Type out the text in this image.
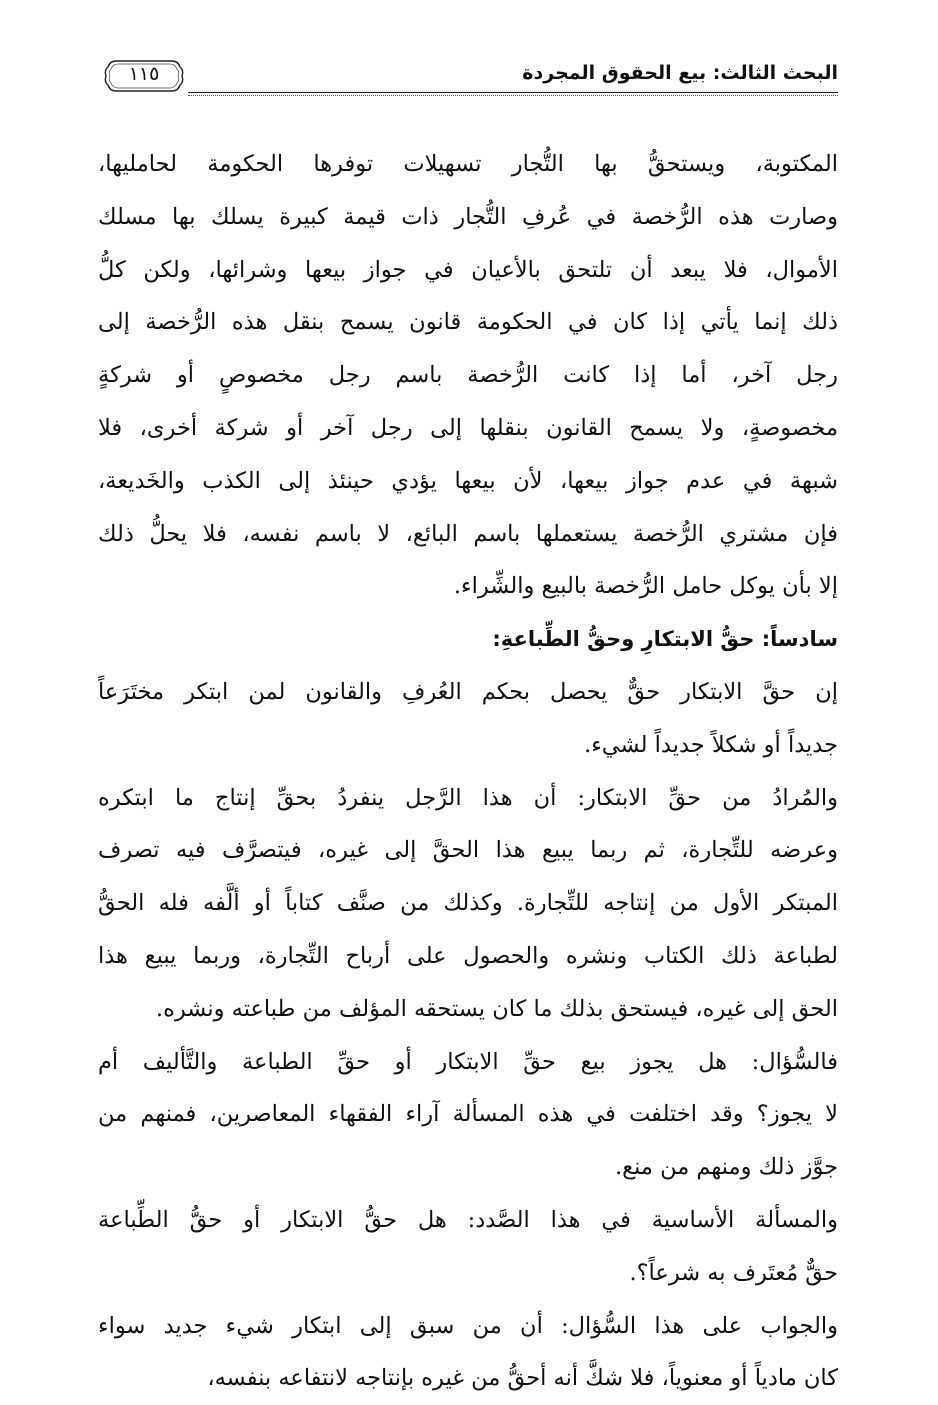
البحث الثالث: بيع الحقوق المجردة
١١٥
المكتوبة، ويستحقُّ بها التُّجار تسهيلات توفرها الحكومة لحامليها،
وصارت هذه الرُّخصة في عُرفِ التُّجار ذات قيمة كبيرة يسلك بها مسلك
الأموال، فلا يبعد أن تلتحق بالأعيان في جواز بيعها وشرائها، ولكن كلُّ
ذلك إنما يأتي إذا كان في الحكومة قانون يسمح بنقل هذه الرُّخصة إلى
رجل آخر، أما إذا كانت الرُّخصة باسم رجل مخصوصٍ أو شركةٍ
مخصوصةٍ، ولا يسمح القانون بنقلها إلى رجل آخر أو شركة أخرى، فلا
شبهة في عدم جواز بيعها، لأن بيعها يؤدي حينئذ إلى الكذب والخَديعة،
فإن مشتري الرُّخصة يستعملها باسم البائع، لا باسم نفسه، فلا يحلُّ ذلك
إلا بأن يوكل حامل الرُّخصة بالبيع والشِّراء.
سادساً: حقُّ الابتكارِ وحقُّ الطِّباعةِ:
إن حقَّ الابتكار حقٌّ يحصل بحكم العُرفِ والقانون لمن ابتكر مختَرَعاً
جديداً أو شكلاً جديداً لشيء.
والمُرادُ من حقِّ الابتكار: أن هذا الرَّجل ينفردُ بحقِّ إنتاج ما ابتكره
وعرضه للتِّجارة، ثم ربما يبيع هذا الحقَّ إلى غيره، فيتصرَّف فيه تصرف
المبتكر الأول من إنتاجه للتِّجارة. وكذلك من صنَّف كتاباً أو ألَّفه فله الحقُّ
لطباعة ذلك الكتاب ونشره والحصول على أرباح التِّجارة، وربما يبيع هذا
الحق إلى غيره، فيستحق بذلك ما كان يستحقه المؤلف من طباعته ونشره.
فالسُّؤال: هل يجوز بيع حقِّ الابتكار أو حقِّ الطباعة والتَّأليف أم
لا يجوز؟ وقد اختلفت في هذه المسألة آراء الفقهاء المعاصرين، فمنهم من
جوَّز ذلك ومنهم من منع.
والمسألة الأساسية في هذا الصَّدد: هل حقُّ الابتكار أو حقُّ الطِّباعة
حقٌّ مُعتَرف به شرعاً؟.
والجواب على هذا السُّؤال: أن من سبق إلى ابتكار شيء جديد سواء
كان مادياً أو معنوياً، فلا شكَّ أنه أحقُّ من غيره بإنتاجه لانتفاعه بنفسه،
